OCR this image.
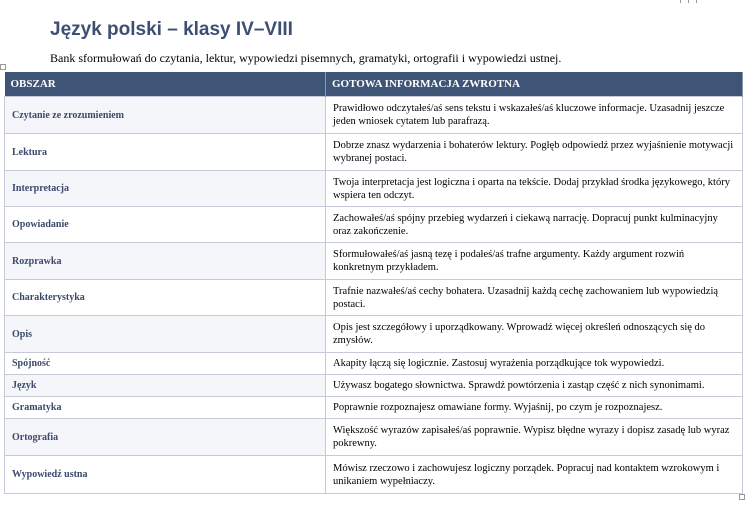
Język polski – klasy IV–VIII

Bank sformułowań do czytania, lektur, wypowiedzi pisemnych, gramatyki, ortografii i wypowiedzi ustnej.

OBSZAR	GOTOWA INFORMACJA ZWROTNA
Czytanie ze zrozumieniem	Prawidłowo odczytałeś/aś sens tekstu i wskazałeś/aś kluczowe informacje. Uzasadnij jeszcze jeden wniosek cytatem lub parafrazą.
Lektura	Dobrze znasz wydarzenia i bohaterów lektury. Pogłęb odpowiedź przez wyjaśnienie motywacji wybranej postaci.
Interpretacja	Twoja interpretacja jest logiczna i oparta na tekście. Dodaj przykład środka językowego, który wspiera ten odczyt.
Opowiadanie	Zachowałeś/aś spójny przebieg wydarzeń i ciekawą narrację. Dopracuj punkt kulminacyjny oraz zakończenie.
Rozprawka	Sformułowałeś/aś jasną tezę i podałeś/aś trafne argumenty. Każdy argument rozwiń konkretnym przykładem.
Charakterystyka	Trafnie nazwałeś/aś cechy bohatera. Uzasadnij każdą cechę zachowaniem lub wypowiedzią postaci.
Opis	Opis jest szczegółowy i uporządkowany. Wprowadź więcej określeń odnoszących się do zmysłów.
Spójność	Akapity łączą się logicznie. Zastosuj wyrażenia porządkujące tok wypowiedzi.
Język	Używasz bogatego słownictwa. Sprawdź powtórzenia i zastąp część z nich synonimami.
Gramatyka	Poprawnie rozpoznajesz omawiane formy. Wyjaśnij, po czym je rozpoznajesz.
Ortografia	Większość wyrazów zapisałeś/aś poprawnie. Wypisz błędne wyrazy i dopisz zasadę lub wyraz pokrewny.
Wypowiedź ustna	Mówisz rzeczowo i zachowujesz logiczny porządek. Popracuj nad kontaktem wzrokowym i unikaniem wypełniaczy.
